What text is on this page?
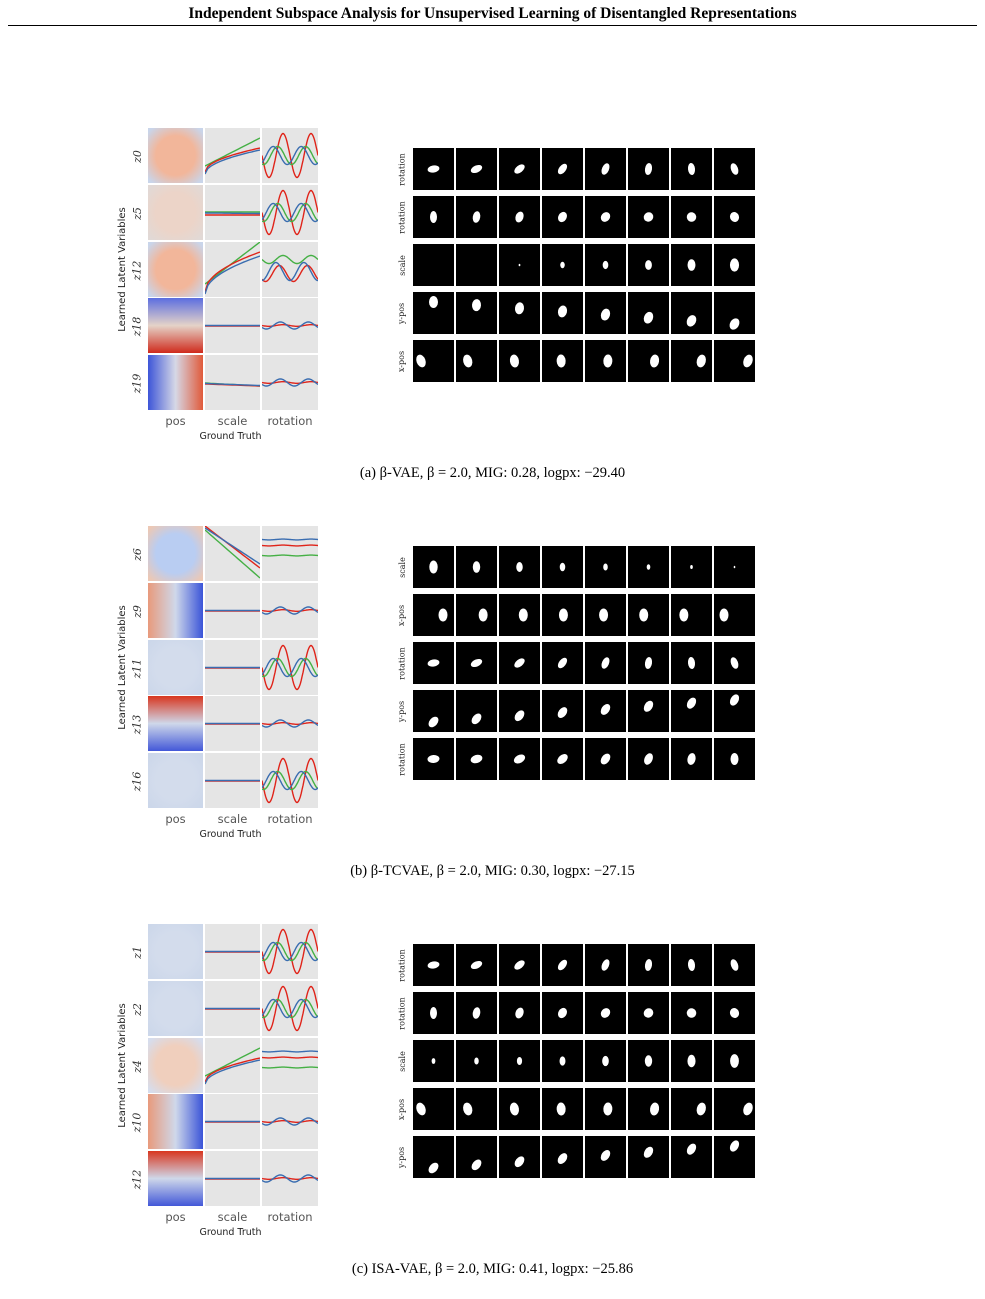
Independent Subspace Analysis for Unsupervised Learning of Disentangled Representations
Learned Latent Variables
z0
z5
z12
z18
z19
pos	scale	rotation
Ground Truth
rotation
rotation
scale
y-pos
x-pos
(a) β-VAE, β = 2.0, MIG: 0.28, logpx: −29.40
Learned Latent Variables
z6
z9
z11
z13
z16
pos	scale	rotation
Ground Truth
scale
x-pos
rotation
y-pos
rotation
(b) β-TCVAE, β = 2.0, MIG: 0.30, logpx: −27.15
Learned Latent Variables
z1
z2
z4
z10
z12
pos	scale	rotation
Ground Truth
rotation
rotation
scale
x-pos
y-pos
(c) ISA-VAE, β = 2.0, MIG: 0.41, logpx: −25.86
